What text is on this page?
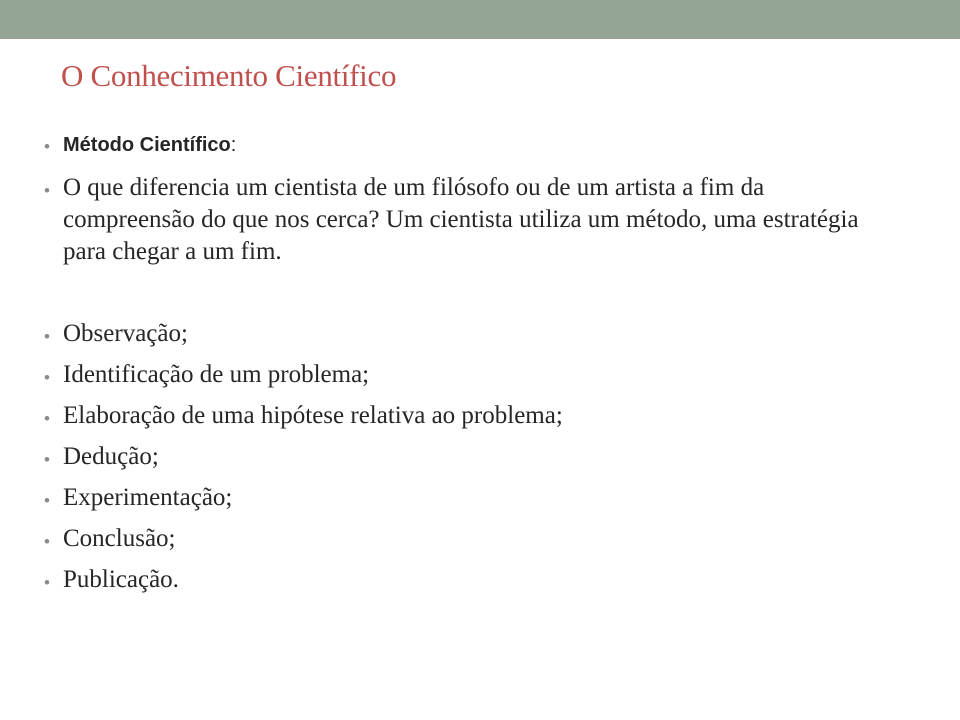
O Conhecimento Científico
• Método Científico:
• O que diferencia um cientista de um filósofo ou de um artista a fim da compreensão do que nos cerca? Um cientista utiliza um método, uma estratégia para chegar a um fim.
• Observação;
• Identificação de um problema;
• Elaboração de uma hipótese relativa ao problema;
• Dedução;
• Experimentação;
• Conclusão;
• Publicação.
